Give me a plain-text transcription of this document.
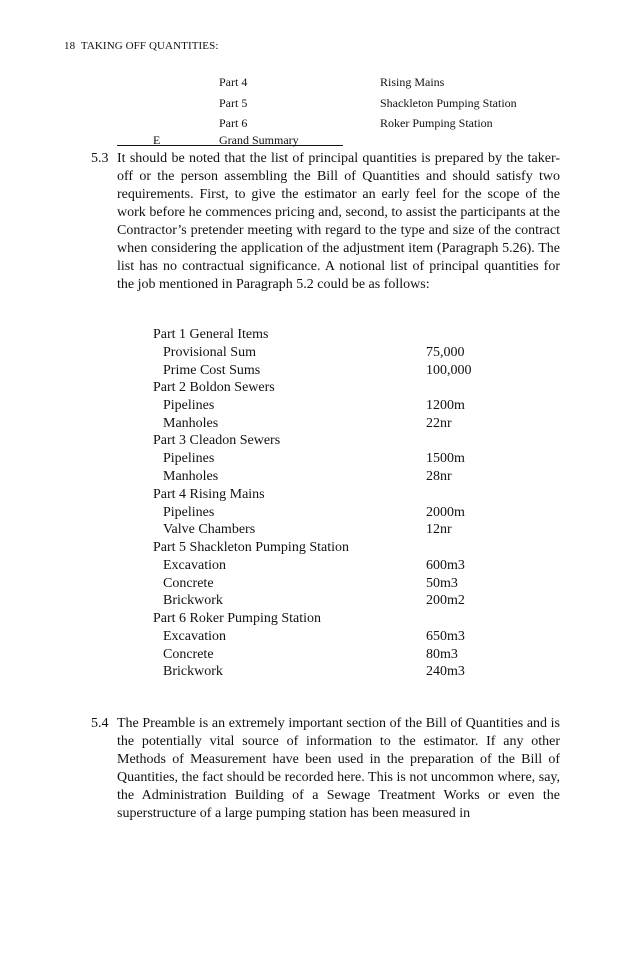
18 TAKING OFF QUANTITIES:
Part 4	Rising Mains
Part 5	Shackleton Pumping Station
Part 6	Roker Pumping Station
E	Grand Summary
5.3 It should be noted that the list of principal quantities is prepared by the taker-off or the person assembling the Bill of Quantities and should satisfy two requirements. First, to give the estimator an early feel for the scope of the work before he commences pricing and, second, to assist the participants at the Contractor’s pretender meeting with regard to the type and size of the contract when considering the application of the adjustment item (Paragraph 5.26). The list has no contractual significance. A notional list of principal quantities for the job mentioned in Paragraph 5.2 could be as follows:
Part 1 General Items
Provisional Sum	75,000
Prime Cost Sums	100,000
Part 2 Boldon Sewers
Pipelines	1200m
Manholes	22nr
Part 3 Cleadon Sewers
Pipelines	1500m
Manholes	28nr
Part 4 Rising Mains
Pipelines	2000m
Valve Chambers	12nr
Part 5 Shackleton Pumping Station
Excavation	600m3
Concrete	50m3
Brickwork	200m2
Part 6 Roker Pumping Station
Excavation	650m3
Concrete	80m3
Brickwork	240m3
5.4 The Preamble is an extremely important section of the Bill of Quantities and is the potentially vital source of information to the estimator. If any other Methods of Measurement have been used in the preparation of the Bill of Quantities, the fact should be recorded here. This is not uncommon where, say, the Administration Building of a Sewage Treatment Works or even the superstructure of a large pumping station has been measured in
